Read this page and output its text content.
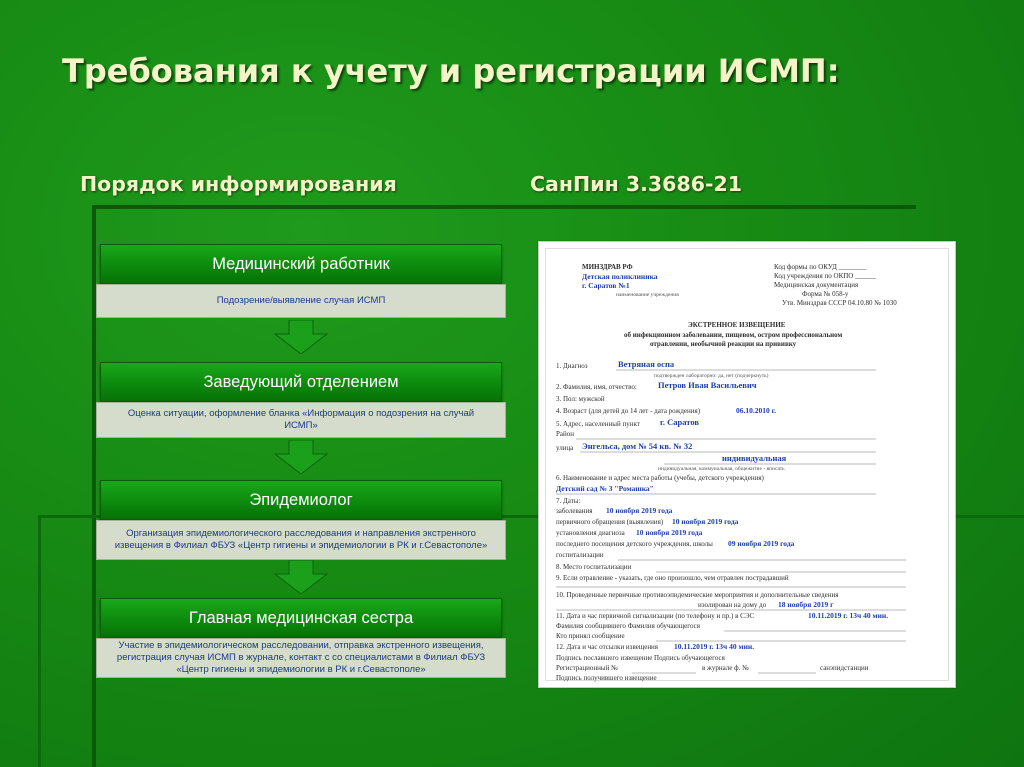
Требования к учету и регистрации ИСМП:
Порядок информирования	СанПин 3.3686-21
Медицинский работник
Подозрение/выявление случая ИСМП
Заведующий отделением
Оценка ситуации, оформление бланка «Информация о подозрения на случай ИСМП»
Эпидемиолог
Организация эпидемиологического расследования и направления экстренного извещения в Филиал ФБУЗ «Центр гигиены и эпидемиологии в РК и г.Севастополе»
Главная медицинская сестра
Участие в эпидемиологическом расследовании, отправка экстренного извещения, регистрация случая ИСМП в журнале, контакт с со специалистами в Филиал ФБУЗ «Центр гигиены и эпидемиологии в РК и г.Севастополе»
МИНЗДРАВ РФ
Детская поликлиника
г. Саратов №1
наименование учреждения
Код формы по ОКУД ________
Код учреждения по ОКПО ______
Медицинская документация
Форма № 058-у
Утв. Минздрав СССР 04.10.80 № 1030
ЭКСТРЕННОЕ ИЗВЕЩЕНИЕ
об инфекционном заболевании, пищевом, остром профессиональном
отравлении, необычной реакции на прививку
1. Диагноз	Ветряная оспа
подтвержден лабораторно: да, нет (подчеркнуть)
2. Фамилия, имя, отчество: Петров Иван Васильевич
3. Пол: мужской
4. Возраст (для детей до 14 лет - дата рождения)	06.10.2010 г.
5. Адрес, населенный пункт г. Саратов
Район
улица Энгельса, дом № 54 кв. № 32
индивидуальная
индивидуальная, коммунальная, общежитие - вписать
6. Наименование и адрес места работы (учебы, детского учреждения)
Детский сад № 3 "Ромашка"
7. Даты:
заболевания 10 ноября 2019 года
первичного обращения (выявления) 10 ноября 2019 года
установления диагноза 10 ноября 2019 года
последнего посещения детского учреждения, школы 09 ноября 2019 года
госпитализации
8. Место госпитализации
9. Если отравление - указать, где оно произошло, чем отравлен пострадавший
10. Проведенные первичные противоэпидемические мероприятия и дополнительные сведения
изолирован на дому до 18 ноября 2019 г
11. Дата и час первичной сигнализации (по телефону и пр.) в СЭС	10.11.2019 г. 13ч 40 мин.
Фамилия сообщившего Фамилия обучающегося
Кто принял сообщение
12. Дата и час отсылки извещения 10.11.2019 г. 13ч 40 мин.
Подпись пославшего извещение Подпись обучающегося
Регистрационный №	в журнале ф. №	санэпидстанции
Подпись получившего извещение
